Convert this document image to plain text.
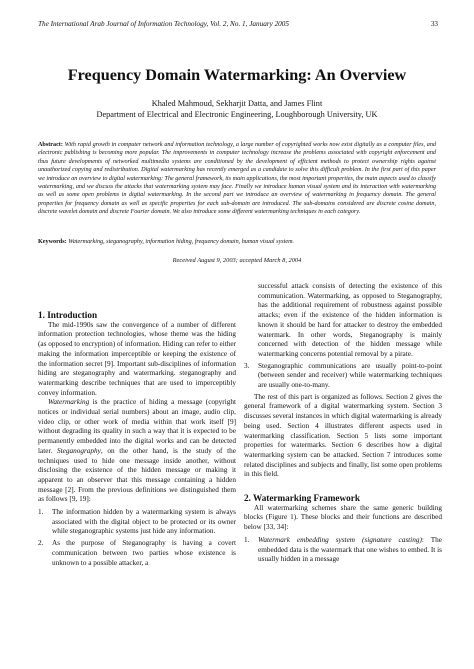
The International Arab Journal of Information Technology, Vol. 2, No. 1, January 2005	33
Frequency Domain Watermarking: An Overview
Khaled Mahmoud, Sekharjit Datta, and James Flint
Department of Electrical and Electronic Engineering, Loughborough University, UK
Abstract: With rapid growth in computer network and information technology, a large number of copyrighted works now exist digitally as a computer files, and electronic publishing is becoming more popular. The improvements in computer technology increase the problems associated with copyright enforcement and thus future developments of networked multimedia systems are conditioned by the development of efficient methods to protect ownership rights against unauthorized copying and redistribution. Digital watermarking has recently emerged as a candidate to solve this difficult problem. In the first part of this paper we introduce an overview to digital watermarking: The general framework, its main applications, the most important properties, the main aspects used to classify watermarking, and we discuss the attacks that watermarking system may face. Finally we introduce human visual system and its interaction with watermarking as well as some open problems in digital watermarking. In the second part we introduce an overview of watermarking in frequency domain. The general properties for frequency domain as well as specific properties for each sub-domain are introduced. The sub-domains considered are discrete cosine domain, discrete wavelet domain and discrete Fourier domain. We also introduce some different watermarking techniques in each category.
Keywords: Watermarking, steganography, information hiding, frequency domain, human visual system.
Received August 9, 2003; accepted March 8, 2004

1. Introduction

The mid-1990s saw the convergence of a number of different information protection technologies, whose theme was the hiding (as opposed to encryption) of information. Hiding can refer to either making the information imperceptible or keeping the existence of the information secret [9]. Important sub-disciplines of information hiding are steganography and watermarking. steganography and watermarking describe techniques that are used to imperceptibly convey information.

Watermarking is the practice of hiding a message (copyright notices or individual serial numbers) about an image, audio clip, video clip, or other work of media within that work itself [9] without degrading its quality in such a way that it is expected to be permanently embedded into the digital works and can be detected later. Steganography, on the other hand, is the study of the techniques used to hide one message inside another, without disclosing the existence of the hidden message or making it apparent to an observer that this message containing a hidden message [2]. From the previous definitions we distinguished them as follows [9, 19]:

1. The information hidden by a watermarking system is always associated with the digital object to be protected or its owner while steganographic systems just hide any information.
2. As the purpose of Steganography is having a covert communication between two parties whose existence is unknown to a possible attacker, a

successful attack consists of detecting the existence of this communication. Watermarking, as opposed to Steganography, has the additional requirement of robustness against possible attacks; even if the existence of the hidden information is known it should be hard for attacker to destroy the embedded watermark. In other words, Steganography is mainly concerned with detection of the hidden message while watermarking concerns potential removal by a pirate.

3. Steganographic communications are usually point-to-point (between sender and receiver) while watermarking techniques are usually one-to-many.

The rest of this part is organized as follows. Section 2 gives the general framework of a digital watermarking system. Section 3 discusses several instances in which digital watermarking is already being used. Section 4 illustrates different aspects used in watermarking classification. Section 5 lists some important properties for watermarks. Section 6 describes how a digital watermarking system can be attacked. Section 7 introduces some related disciplines and subjects and finally, list some open problems in this field.

2. Watermarking Framework

All watermarking schemes share the same generic building blocks (Figure 1). These blocks and their functions are described below [33, 34]:

1. Watermark embedding system (signature casting): The embedded data is the watermark that one wishes to embed. It is usually hidden in a message
